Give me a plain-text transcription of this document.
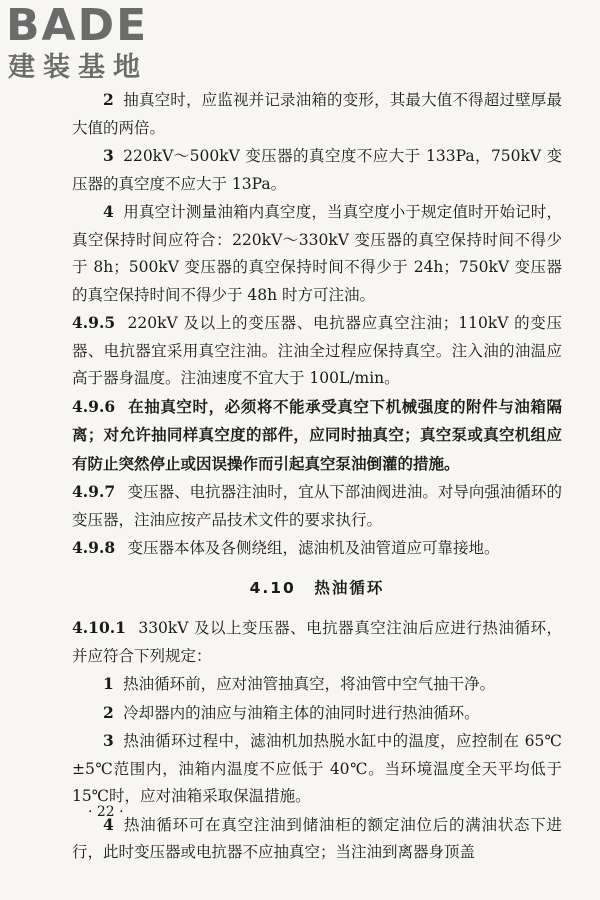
BADE
建装基地

2 抽真空时，应监视并记录油箱的变形，其最大值不得超过壁厚最大值的两倍。

3 220kV～500kV 变压器的真空度不应大于 133Pa，750kV 变压器的真空度不应大于 13Pa。

4 用真空计测量油箱内真空度，当真空度小于规定值时开始记时，真空保持时间应符合：220kV～330kV 变压器的真空保持时间不得少于 8h；500kV 变压器的真空保持时间不得少于 24h；750kV 变压器的真空保持时间不得少于 48h 时方可注油。

4.9.5 220kV 及以上的变压器、电抗器应真空注油；110kV 的变压器、电抗器宜采用真空注油。注油全过程应保持真空。注入油的油温应高于器身温度。注油速度不宜大于 100L/min。

4.9.6 在抽真空时，必须将不能承受真空下机械强度的附件与油箱隔离；对允许抽同样真空度的部件，应同时抽真空；真空泵或真空机组应有防止突然停止或因误操作而引起真空泵油倒灌的措施。

4.9.7 变压器、电抗器注油时，宜从下部油阀进油。对导向强油循环的变压器，注油应按产品技术文件的要求执行。

4.9.8 变压器本体及各侧绕组，滤油机及油管道应可靠接地。

4.10 热油循环

4.10.1 330kV 及以上变压器、电抗器真空注油后应进行热油循环，并应符合下列规定：

1 热油循环前，应对油管抽真空，将油管中空气抽干净。

2 冷却器内的油应与油箱主体的油同时进行热油循环。

3 热油循环过程中，滤油机加热脱水缸中的温度，应控制在 65℃±5℃范围内，油箱内温度不应低于 40℃。当环境温度全天平均低于 15℃时，应对油箱采取保温措施。

4 热油循环可在真空注油到储油柜的额定油位后的满油状态下进行，此时变压器或电抗器不应抽真空；当注油到离器身顶盖

· 22 ·
